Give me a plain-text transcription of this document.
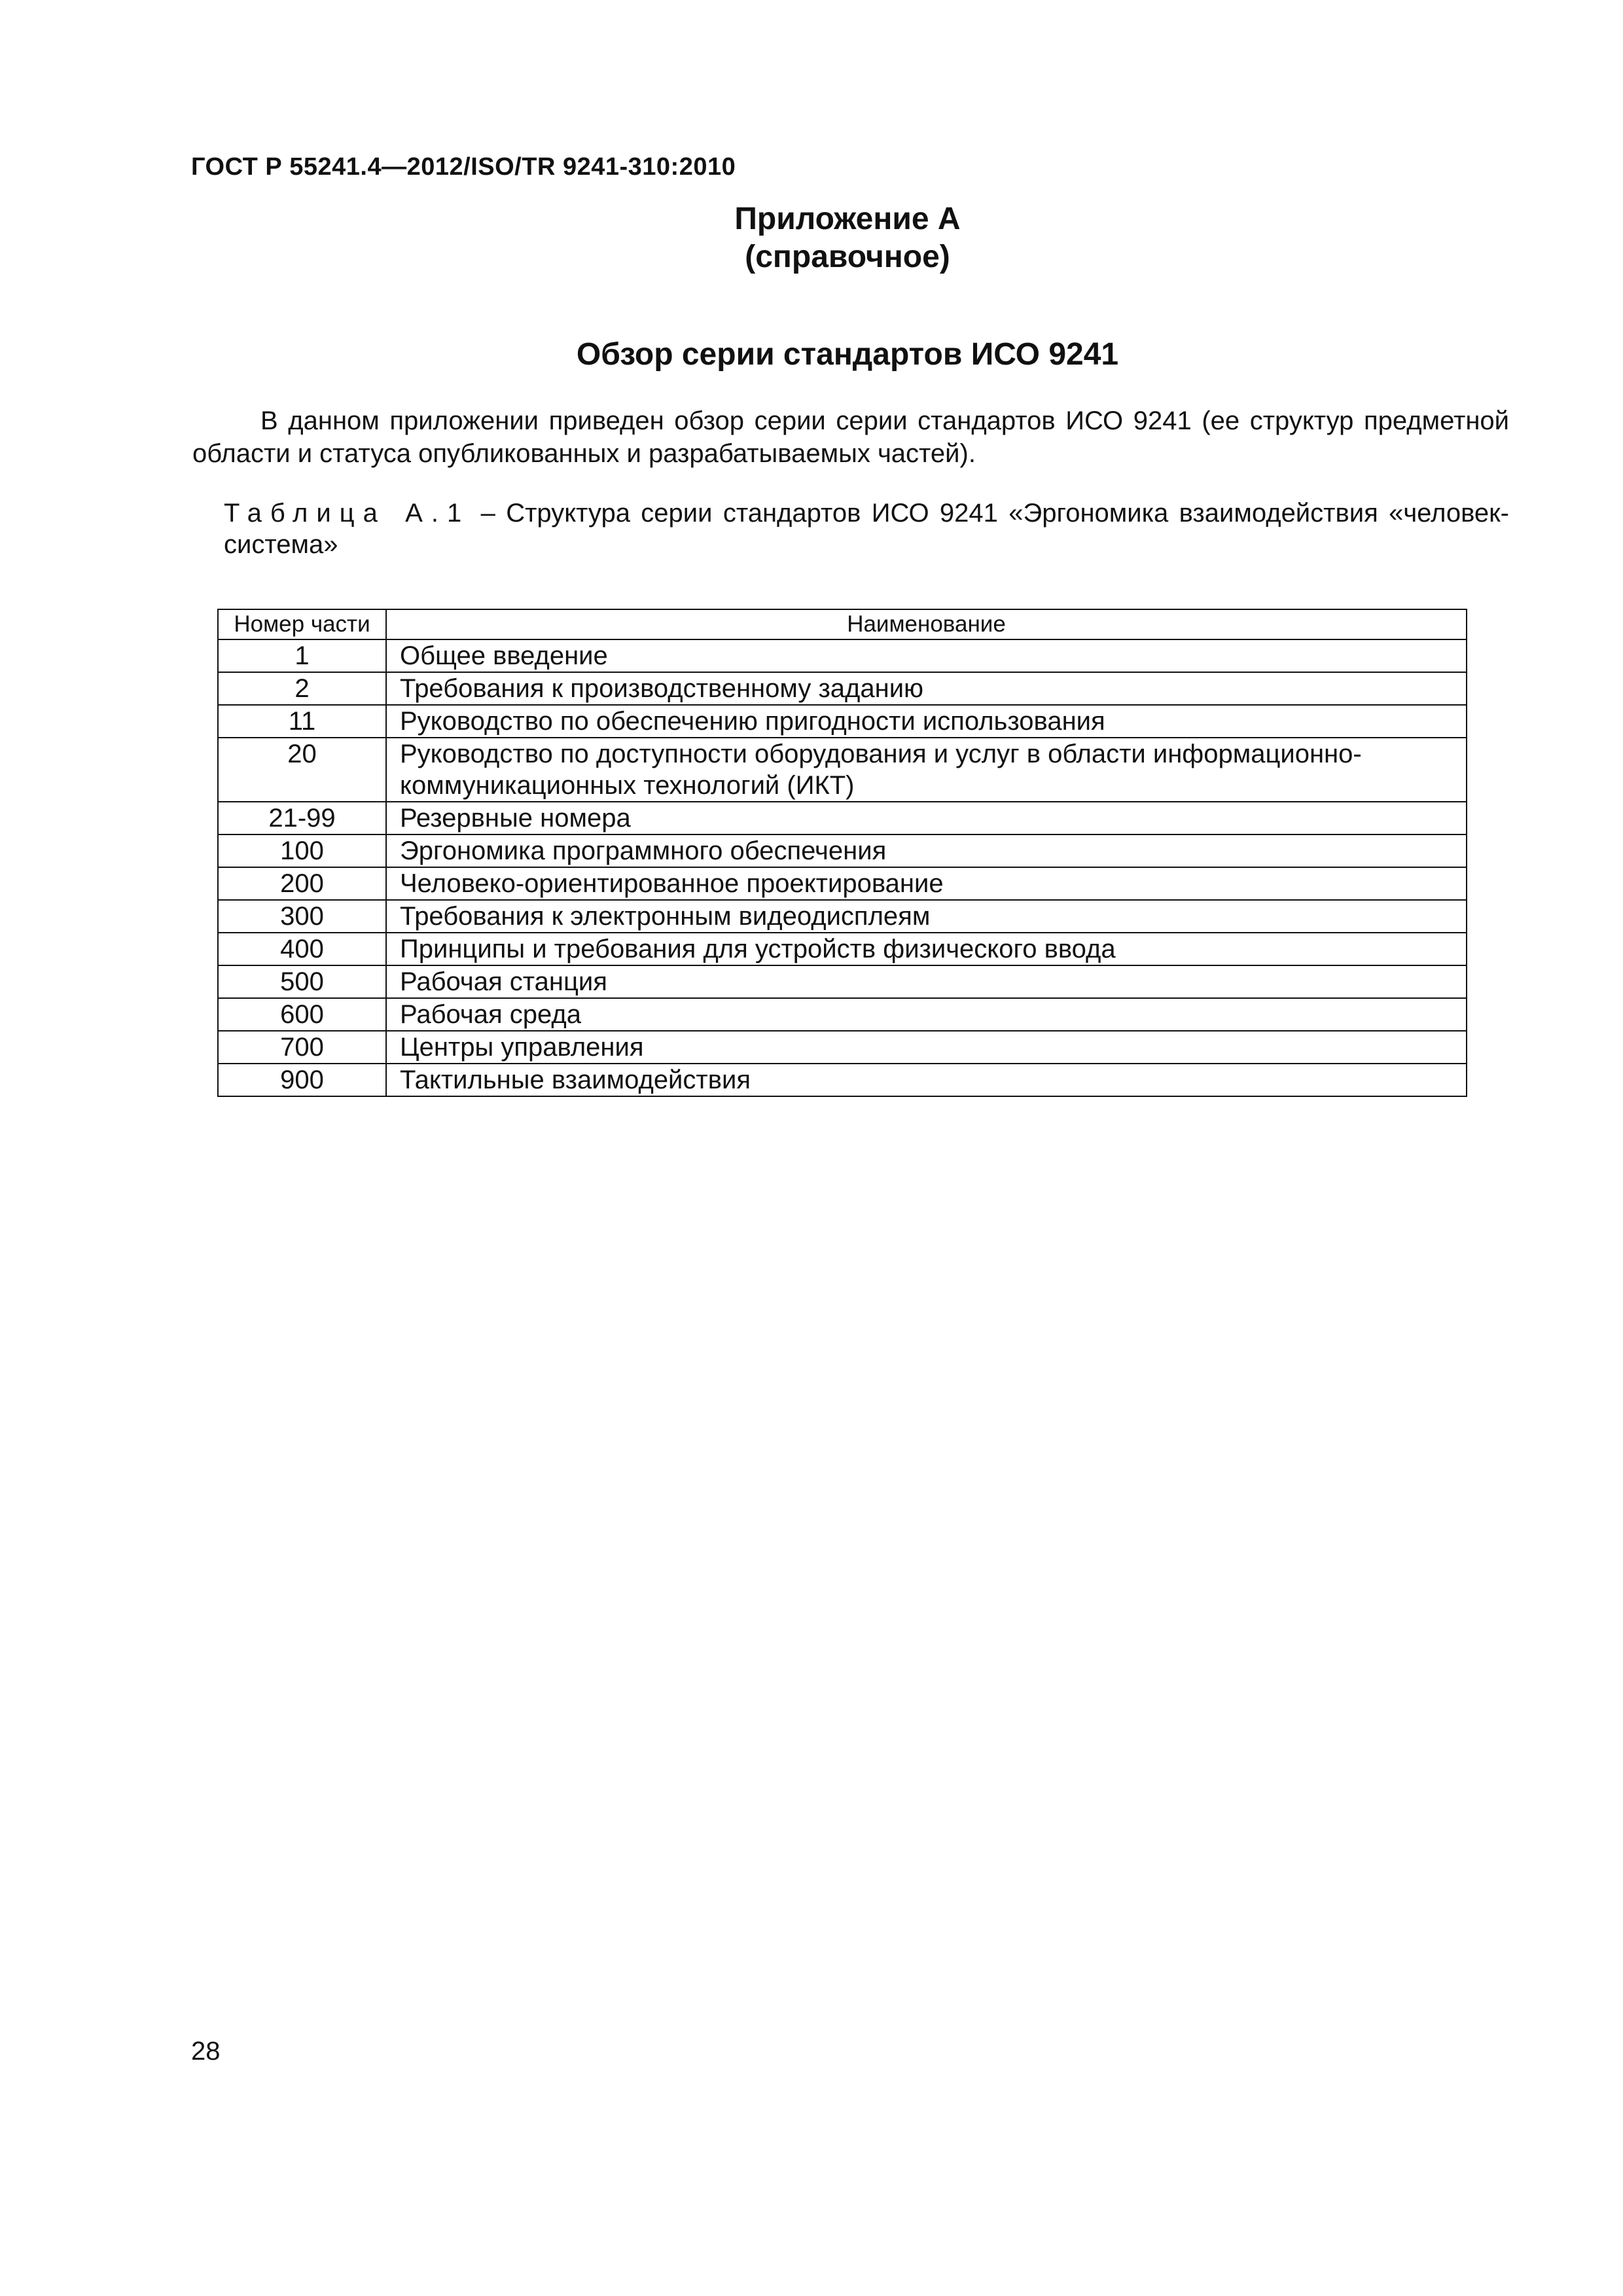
ГОСТ Р 55241.4—2012/ISO/TR 9241-310:2010
Приложение А
(справочное)
Обзор серии стандартов ИСО 9241
В данном приложении приведен обзор серии серии стандартов ИСО 9241 (ее структур предметной области и статуса опубликованных и разрабатываемых частей).
Таблица А.1 – Структура серии стандартов ИСО 9241 «Эргономика взаимодействия «человек-система»
Номер части	Наименование
1	Общее введение
2	Требования к производственному заданию
11	Руководство по обеспечению пригодности использования
20	Руководство по доступности оборудования и услуг в области информационно-коммуникационных технологий (ИКТ)
21-99	Резервные номера
100	Эргономика программного обеспечения
200	Человеко-ориентированное проектирование
300	Требования к электронным видеодисплеям
400	Принципы и требования для устройств физического ввода
500	Рабочая станция
600	Рабочая среда
700	Центры управления
900	Тактильные взаимодействия
28
